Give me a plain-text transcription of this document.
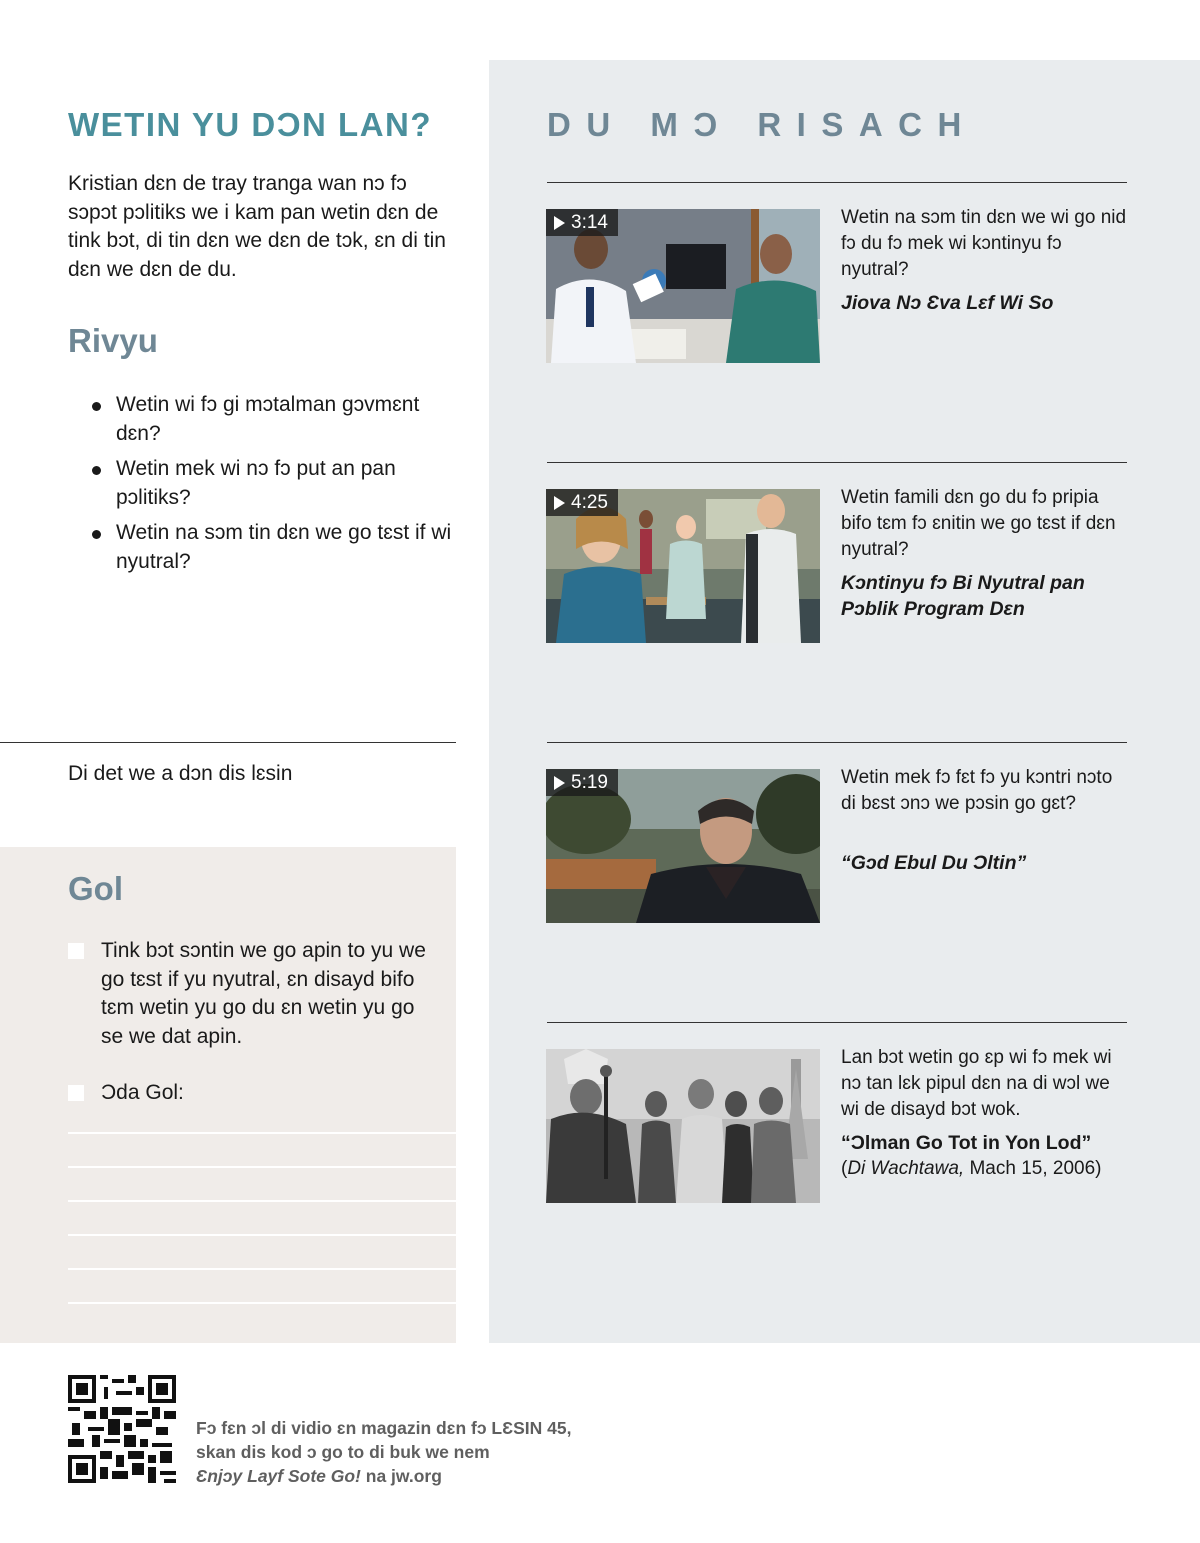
WETIN YU DƆN LAN?

Kristian dɛn de tray tranga wan nɔ fɔ sɔpɔt pɔlitiks we i kam pan wetin dɛn de tink bɔt, di tin dɛn we dɛn de tɔk, ɛn di tin dɛn we dɛn de du.

Rivyu
Wetin wi fɔ gi mɔtalman gɔvmɛnt dɛn?
Wetin mek wi nɔ fɔ put an pan pɔlitiks?
Wetin na sɔm tin dɛn we go tɛst if wi nyutral?
Di det we a dɔn dis lɛsin
Gol
Tink bɔt sɔntin we go apin to yu we go tɛst if yu nyutral, ɛn disayd bifo tɛm wetin yu go du ɛn wetin yu go se we dat apin.
Ɔda Gol:
DU MƆ RISACH
3:14	Wetin na sɔm tin dɛn we wi go nid fɔ du fɔ mek wi kɔntinyu fɔ nyutral?

Jiova Nɔ Ɛva Lɛf Wi So

4:25	Wetin famili dɛn go du fɔ pripia bifo tɛm fɔ ɛnitin we go tɛst if dɛn nyutral?

Kɔntinyu fɔ Bi Nyutral pan Pɔblik Program Dɛn

5:19	Wetin mek fɔ fɛt fɔ yu kɔntri nɔto di bɛst ɔnɔ we pɔsin go gɛt?

“Gɔd Ebul Du Ɔltin”

Lan bɔt wetin go ɛp wi fɔ mek wi nɔ tan lɛk pipul dɛn na di wɔl we wi de disayd bɔt wok.

“Ɔlman Go Tot in Yon Lod”

(Di Wachtawa, Mach 15, 2006)

Fɔ fɛn ɔl di vidio ɛn magazin dɛn fɔ LƐSIN 45,
skan dis kod ɔ go to di buk we nem
Ɛnjɔy Layf Sote Go! na jw.org
